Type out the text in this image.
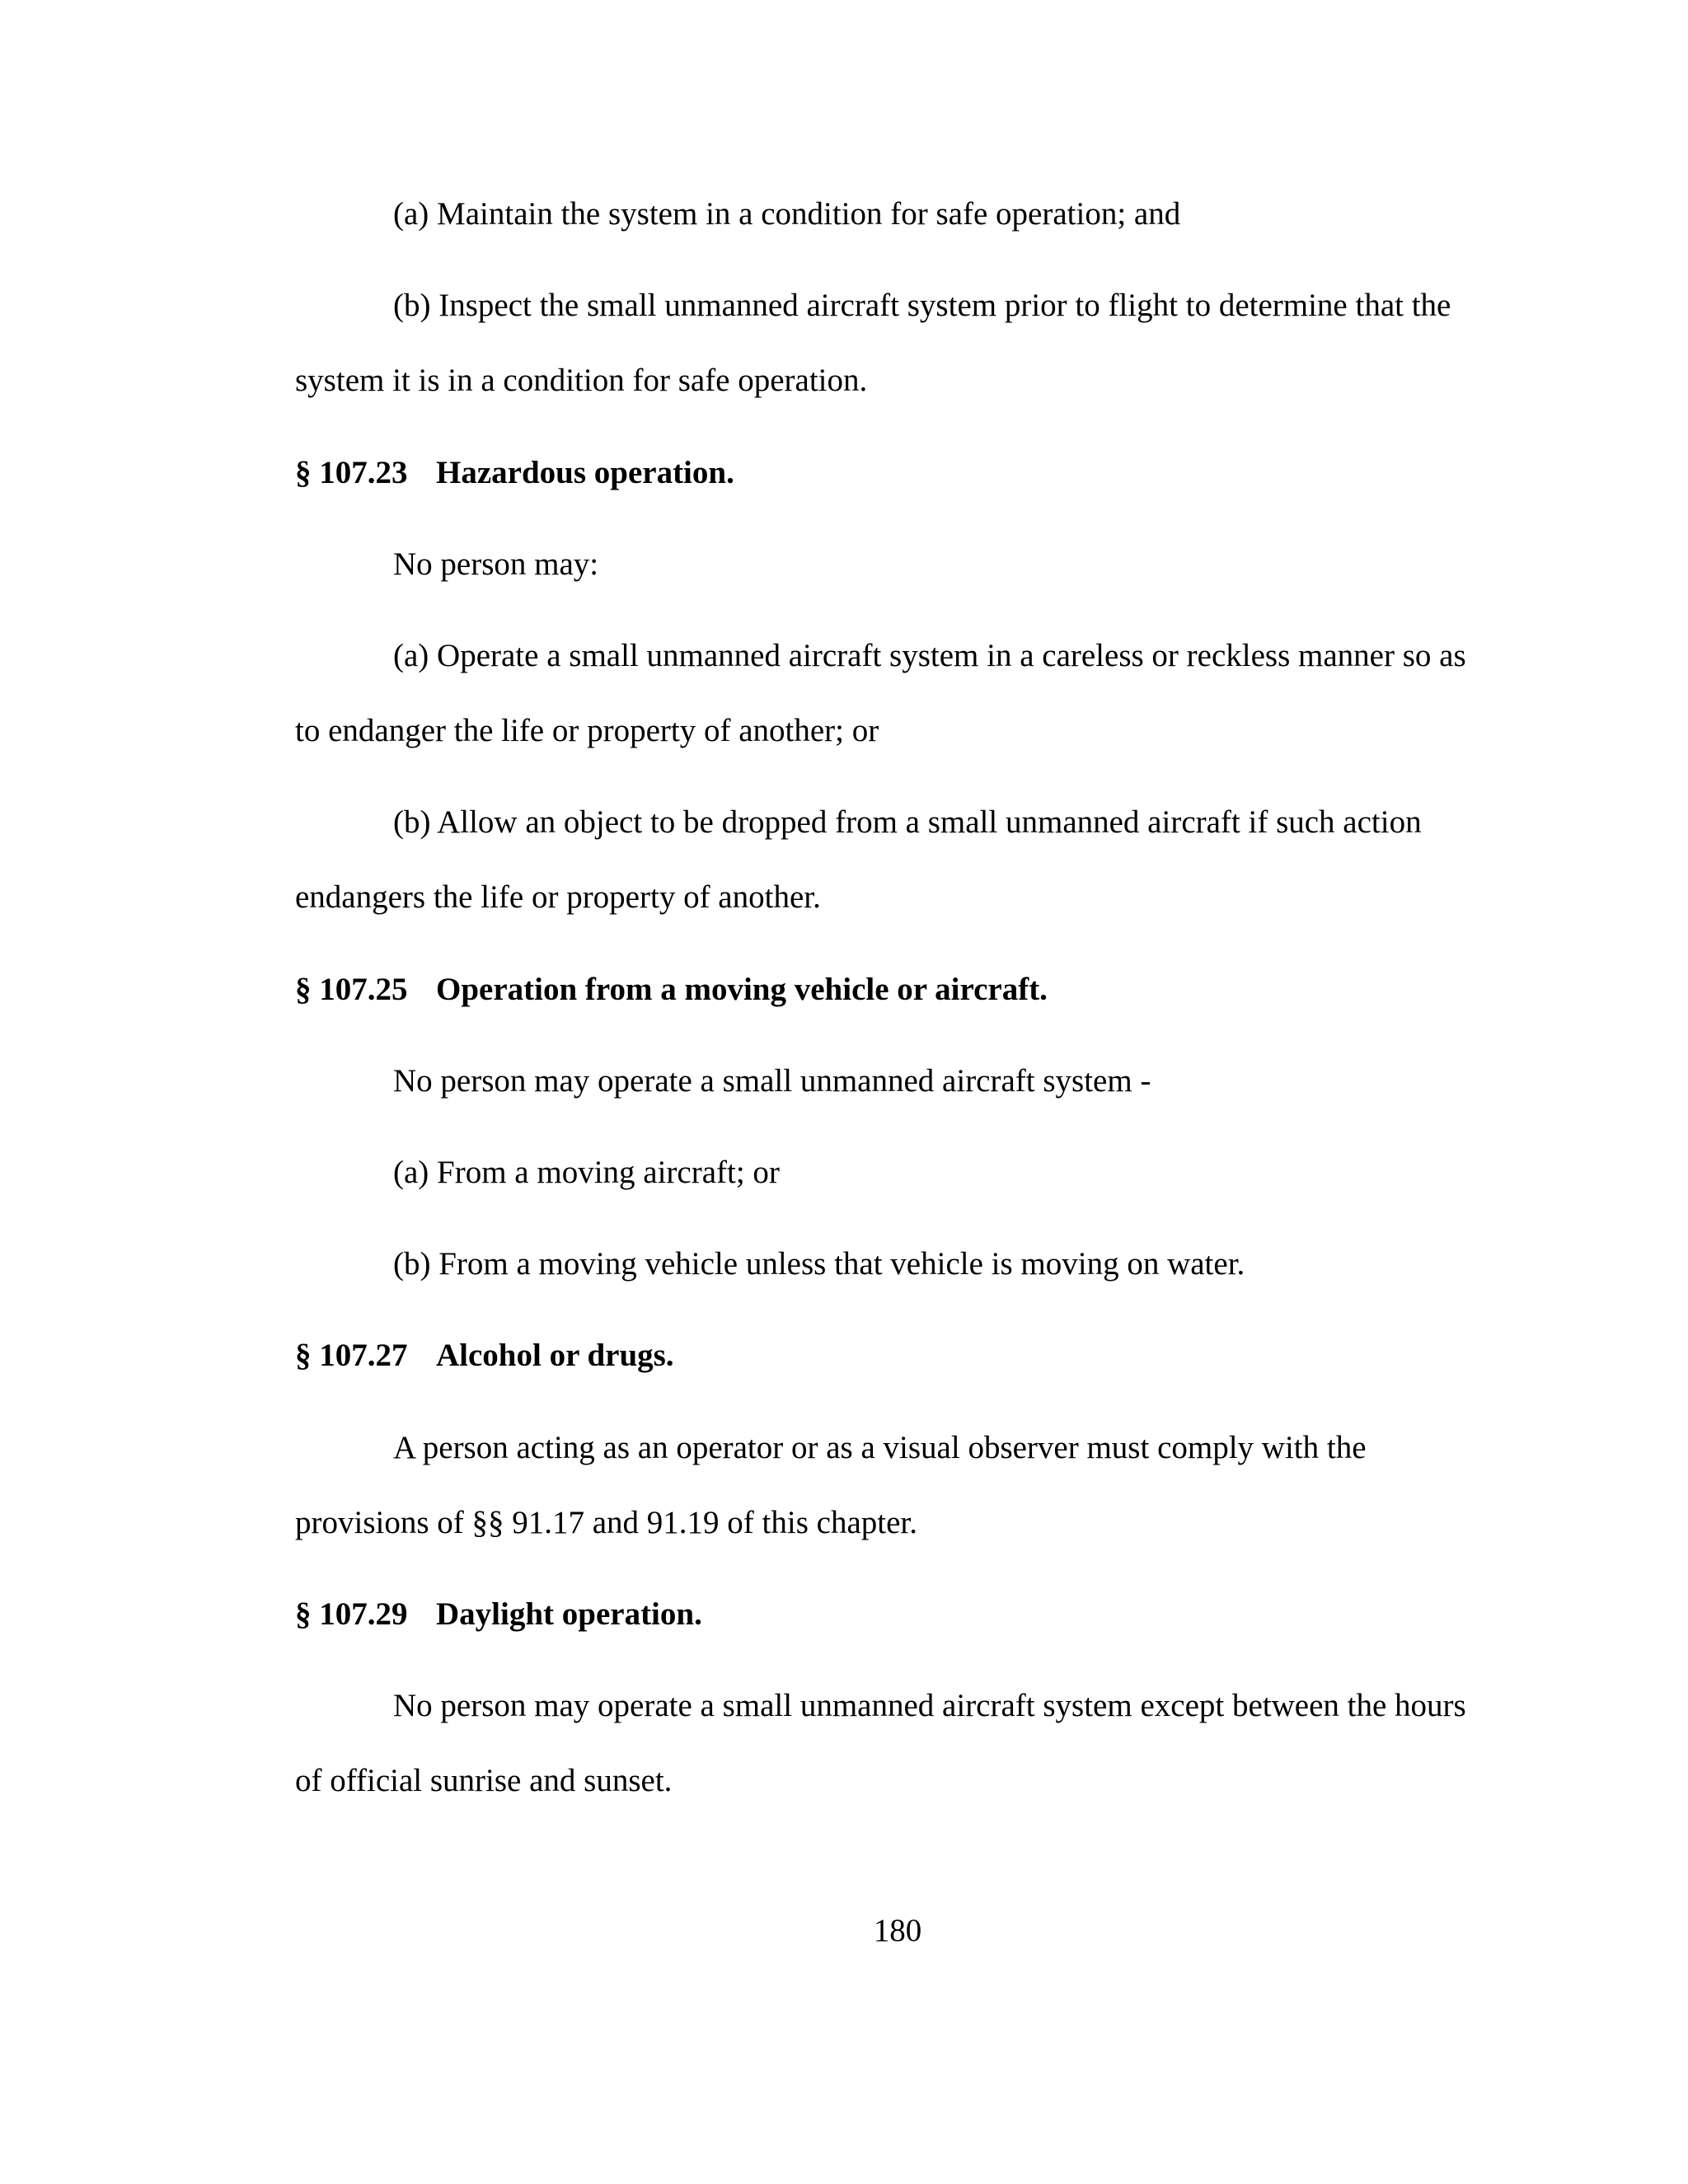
(a) Maintain the system in a condition for safe operation; and
(b) Inspect the small unmanned aircraft system prior to flight to determine that the
system it is in a condition for safe operation.
§ 107.23 Hazardous operation.
No person may:
(a) Operate a small unmanned aircraft system in a careless or reckless manner so as
to endanger the life or property of another; or
(b) Allow an object to be dropped from a small unmanned aircraft if such action
endangers the life or property of another.
§ 107.25 Operation from a moving vehicle or aircraft.
No person may operate a small unmanned aircraft system -
(a) From a moving aircraft; or
(b) From a moving vehicle unless that vehicle is moving on water.
§ 107.27 Alcohol or drugs.
A person acting as an operator or as a visual observer must comply with the
provisions of §§ 91.17 and 91.19 of this chapter.
§ 107.29 Daylight operation.
No person may operate a small unmanned aircraft system except between the hours
of official sunrise and sunset.
180
